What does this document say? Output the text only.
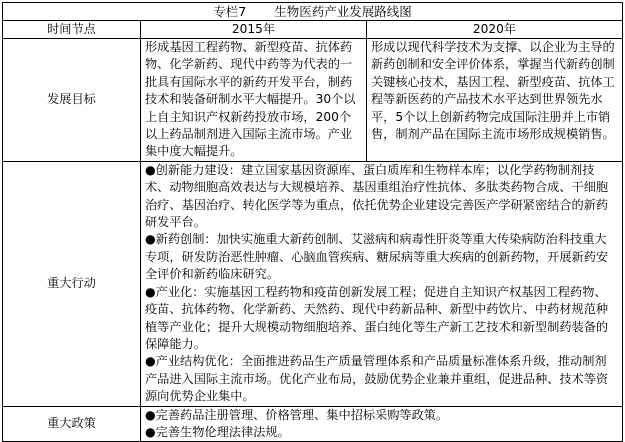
专栏7 生物医药产业发展路线图		
时间节点	2015年	2020年
发展目标	形成基因工程药物、新型疫苗、抗体药物、化学新药、现代中药等为代表的一批具有国际水平的新药开发平台，制药技术和装备研制水平大幅提升。30个以上自主知识产权新药投放市场，200个以上药品制剂进入国际主流市场。产业集中度大幅提升。	形成以现代科学技术为支撑、以企业为主导的新药创制和安全评价体系，掌握当代新药创制关键核心技术，基因工程、新型疫苗、抗体工程等新医药的产品技术水平达到世界领先水平，5个以上创新药物完成国际注册并上市销售，制剂产品在国际主流市场形成规模销售。
重大行动	●创新能力建设：建立国家基因资源库、蛋白质库和生物样本库；以化学药物制剂技术、动物细胞高效表达与大规模培养、基因重组治疗性抗体、多肽类药物合成、干细胞治疗、基因治疗、转化医学等为重点，依托优势企业建设完善医产学研紧密结合的新药研发平台。

●新药创制：加快实施重大新药创制、艾滋病和病毒性肝炎等重大传染病防治科技重大专项，研发防治恶性肿瘤、心脑血管疾病、糖尿病等重大疾病的创新药物，开展新药安全评价和新药临床研究。

●产业化：实施基因工程药物和疫苗创新发展工程；促进自主知识产权基因工程药物、疫苗、抗体药物、化学新药、天然药、现代中药新品种、新型中药饮片、中药材规范种植等产业化；提升大规模动物细胞培养、蛋白纯化等生产新工艺技术和新型制药装备的保障能力。

●产业结构优化：全面推进药品生产质量管理体系和产品质量标准体系升级，推动制剂产品进入国际主流市场。优化产业布局，鼓励优势企业兼并重组，促进品种、技术等资源向优势企业集中。	

重大政策	●完善药品注册管理、价格管理、集中招标采购等政策。

●完善生物伦理法律法规。	
